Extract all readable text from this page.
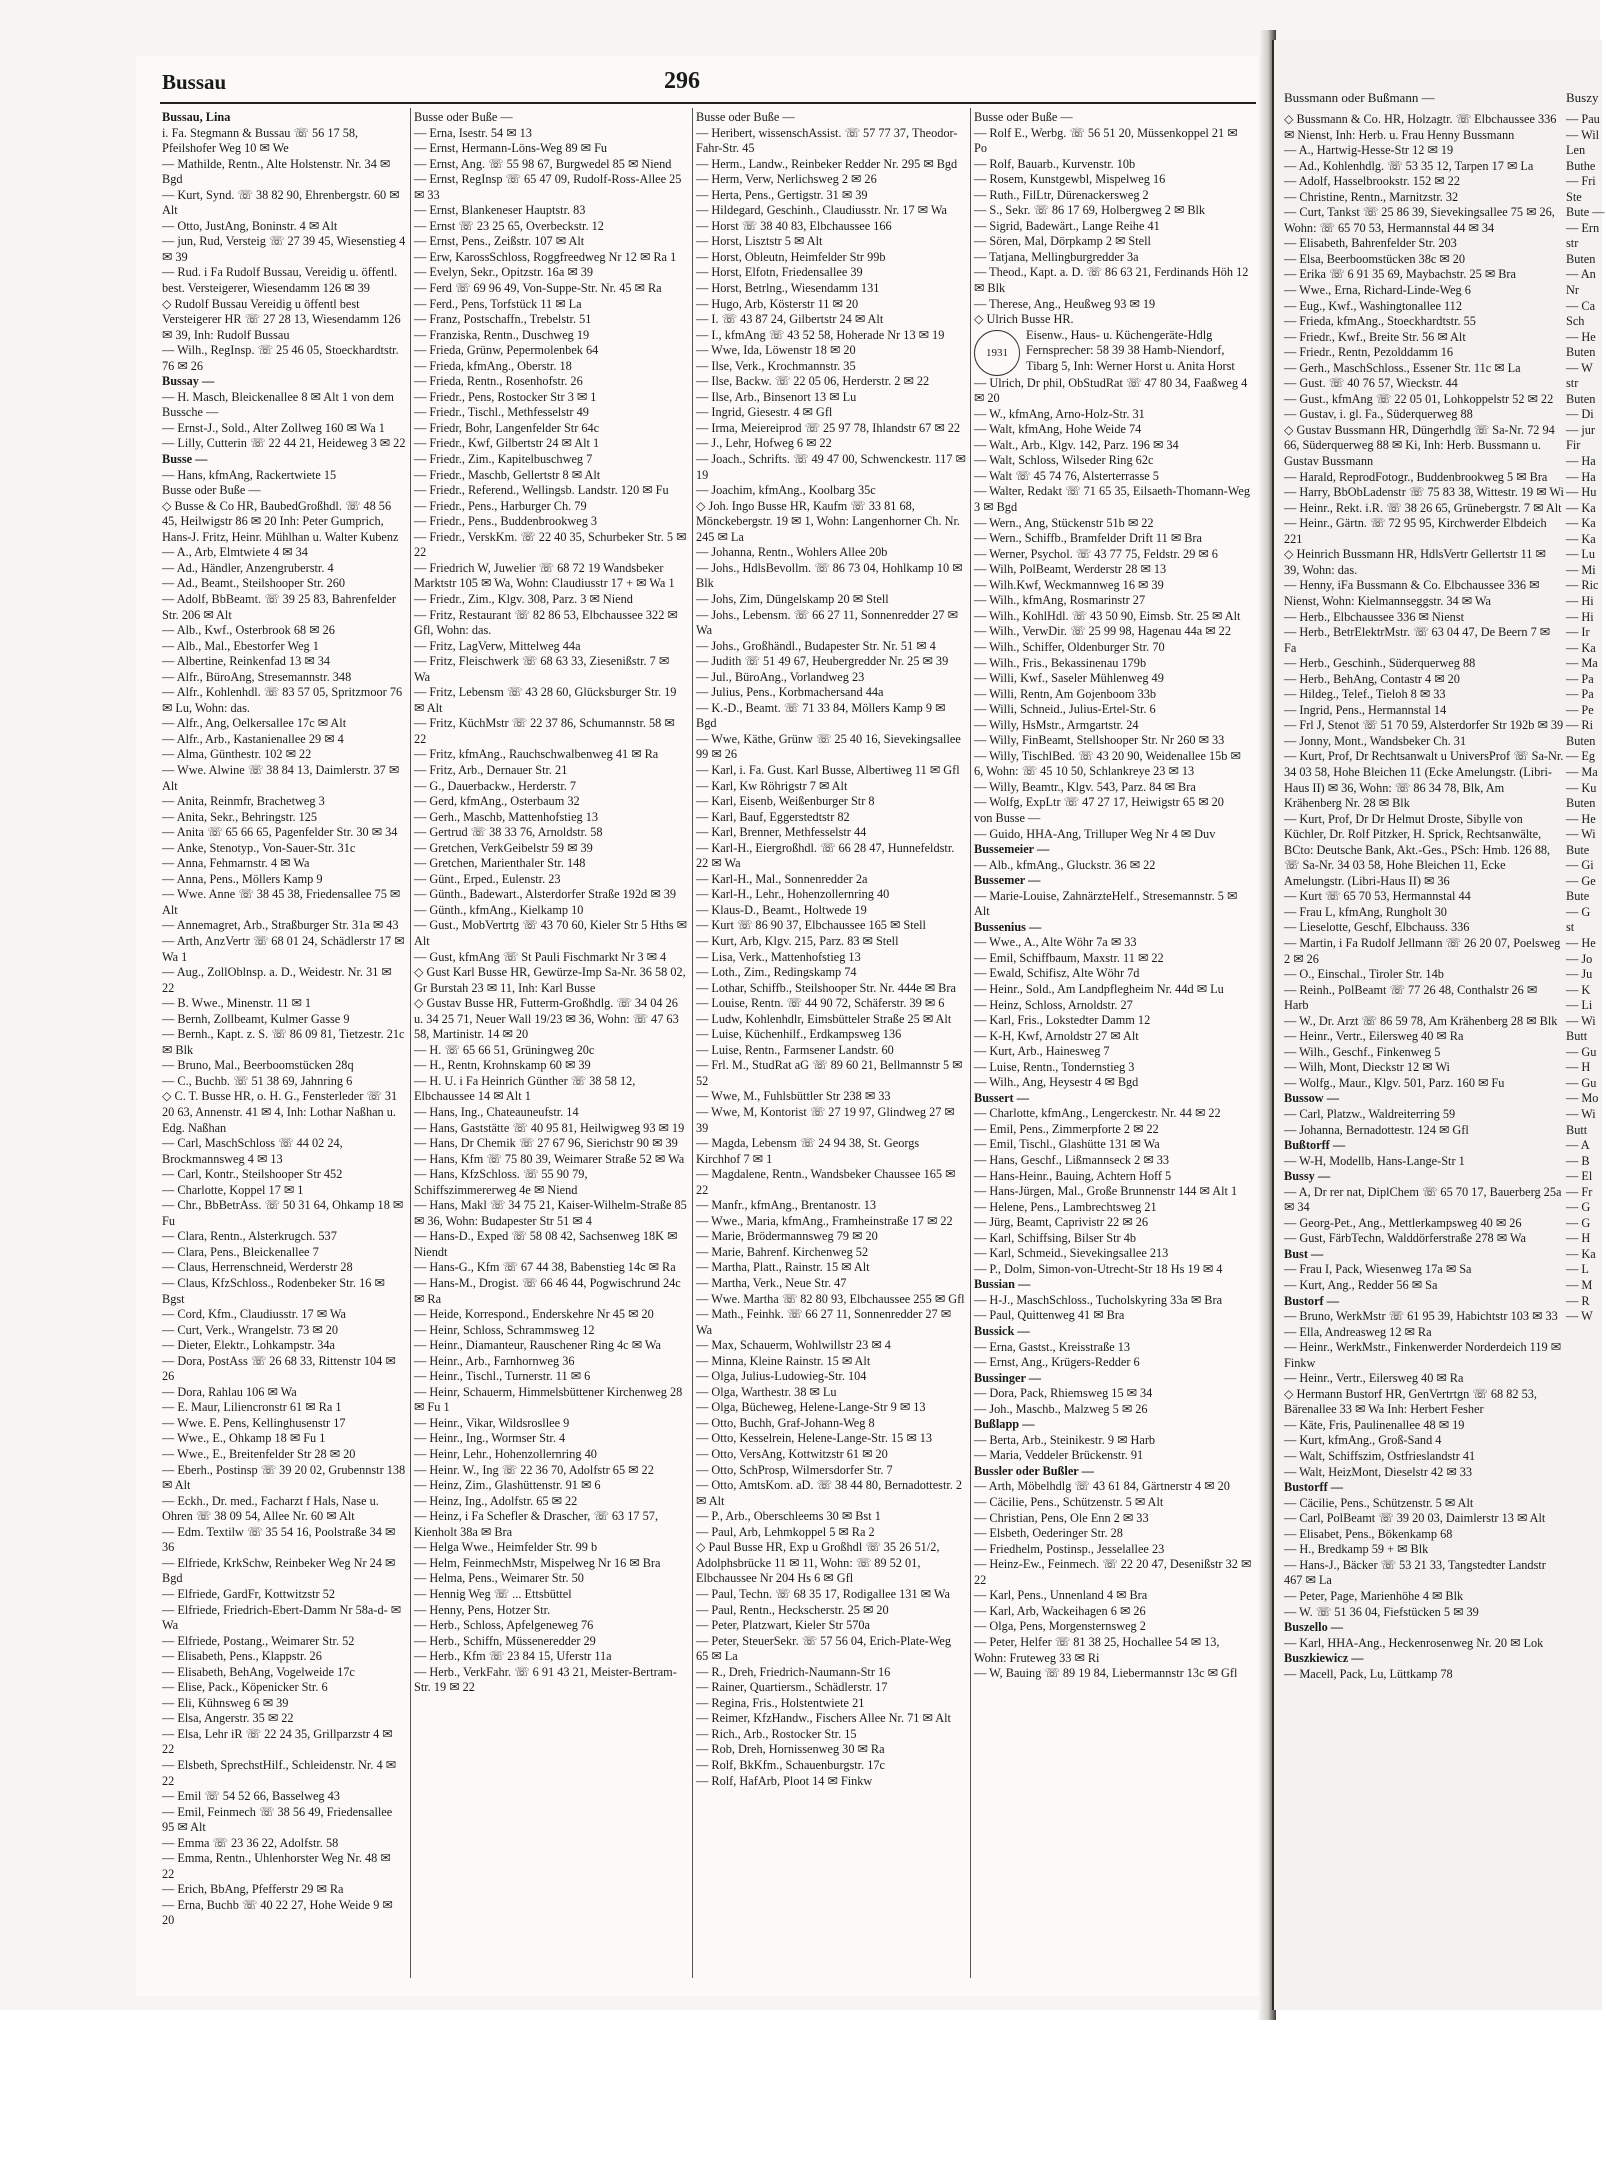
Bussau	296
Bussau, Lina
i. Fa. Stegmann & Bussau ☏ 56 17 58, Pfeilshofer Weg 10 ✉ We
— Mathilde, Rentn., Alte Holstenstr. Nr. 34 ✉ Bgd
— Kurt, Synd. ☏ 38 82 90, Ehrenbergstr. 60 ✉ Alt
— Otto, JustAng, Boninstr. 4 ✉ Alt
— jun, Rud, Versteig ☏ 27 39 45, Wiesenstieg 4 ✉ 39
— Rud. i Fa Rudolf Bussau, Vereidig u. öffentl. best. Versteigerer, Wiesendamm 126 ✉ 39
◇ Rudolf Bussau Vereidig u öffentl best Versteigerer HR ☏ 27 28 13, Wiesendamm 126 ✉ 39, Inh: Rudolf Bussau
— Wilh., RegInsp. ☏ 25 46 05, Stoeckhardtstr. 76 ✉ 26
Bussay —
— H. Masch, Bleickenallee 8 ✉ Alt 1 von dem Bussche —
— Ernst-J., Sold., Alter Zollweg 160 ✉ Wa 1
— Lilly, Cutterin ☏ 22 44 21, Heideweg 3 ✉ 22
Busse —
— Hans, kfmAng, Rackertwiete 15
Busse oder Buße —
◇ Busse & Co HR, BaubedGroßhdl. ☏ 48 56 45, Heilwigstr 86 ✉ 20 Inh: Peter Gumprich, Hans-J. Fritz, Heinr. Mühlhan u. Walter Kubenz
— A., Arb, Elmtwiete 4 ✉ 34
— Ad., Händler, Anzengruberstr. 4
— Ad., Beamt., Steilshooper Str. 260
— Adolf, BbBeamt. ☏ 39 25 83, Bahrenfelder Str. 206 ✉ Alt
— Alb., Kwf., Osterbrook 68 ✉ 26
— Alb., Mal., Ebestorfer Weg 1
— Albertine, Reinkenfad 13 ✉ 34
— Alfr., BüroAng, Stresemannstr. 348
— Alfr., Kohlenhdl. ☏ 83 57 05, Spritzmoor 76 ✉ Lu, Wohn: das.
— Alfr., Ang, Oelkersallee 17c ✉ Alt
— Alfr., Arb., Kastanienallee 29 ✉ 4
— Alma, Günthestr. 102 ✉ 22
— Wwe. Alwine ☏ 38 84 13, Daimlerstr. 37 ✉ Alt
— Anita, Reinmfr, Brachetweg 3
— Anita, Sekr., Behringstr. 125
— Anita ☏ 65 66 65, Pagenfelder Str. 30 ✉ 34
— Anke, Stenotyp., Von-Sauer-Str. 31c
— Anna, Fehmarnstr. 4 ✉ Wa
— Anna, Pens., Möllers Kamp 9
— Wwe. Anne ☏ 38 45 38, Friedensallee 75 ✉ Alt
— Annemagret, Arb., Straßburger Str. 31a ✉ 43
— Arth, AnzVertr ☏ 68 01 24, Schädlerstr 17 ✉ Wa 1
— Aug., ZollOblnsp. a. D., Weidestr. Nr. 31 ✉ 22
— B. Wwe., Minenstr. 11 ✉ 1
— Bernh, Zollbeamt, Kulmer Gasse 9
— Bernh., Kapt. z. S. ☏ 86 09 81, Tietzestr. 21c ✉ Blk
— Bruno, Mal., Beerboomstücken 28q
— C., Buchb. ☏ 51 38 69, Jahnring 6
◇ C. T. Busse HR, o. H. G., Fensterleder ☏ 31 20 63, Annenstr. 41 ✉ 4, Inh: Lothar Naßhan u. Edg. Naßhan
— Carl, MaschSchloss ☏ 44 02 24, Brockmannsweg 4 ✉ 13
— Carl, Kontr., Steilshooper Str 452
— Charlotte, Koppel 17 ✉ 1
— Chr., BbBetrAss. ☏ 50 31 64, Ohkamp 18 ✉ Fu
— Clara, Rentn., Alsterkrugch. 537
— Clara, Pens., Bleickenallee 7
— Claus, Herrenschneid, Werderstr 28
— Claus, KfzSchloss., Rodenbeker Str. 16 ✉ Bgst
— Cord, Kfm., Claudiusstr. 17 ✉ Wa
— Curt, Verk., Wrangelstr. 73 ✉ 20
— Dieter, Elektr., Lohkampstr. 34a
— Dora, PostAss ☏ 26 68 33, Rittenstr 104 ✉ 26
— Dora, Rahlau 106 ✉ Wa
— E. Maur, Liliencronstr 61 ✉ Ra 1
— Wwe. E. Pens, Kellinghusenstr 17
— Wwe., E., Ohkamp 18 ✉ Fu 1
— Wwe., E., Breitenfelder Str 28 ✉ 20
— Eberh., Postinsp ☏ 39 20 02, Grubennstr 138 ✉ Alt
— Eckh., Dr. med., Facharzt f Hals, Nase u. Ohren ☏ 38 09 54, Allee Nr. 60 ✉ Alt
— Edm. Textilw ☏ 35 54 16, Poolstraße 34 ✉ 36
— Elfriede, KrkSchw, Reinbeker Weg Nr 24 ✉ Bgd
— Elfriede, GardFr, Kottwitzstr 52
— Elfriede, Friedrich-Ebert-Damm Nr 58a-d- ✉ Wa
— Elfriede, Postang., Weimarer Str. 52
— Elisabeth, Pens., Klappstr. 26
— Elisabeth, BehAng, Vogelweide 17c
— Elise, Pack., Köpenicker Str. 6
— Eli, Kühnsweg 6 ✉ 39
— Elsa, Angerstr. 35 ✉ 22
— Elsa, Lehr iR ☏ 22 24 35, Grillparzstr 4 ✉ 22
— Elsbeth, SprechstHilf., Schleidenstr. Nr. 4 ✉ 22
— Emil ☏ 54 52 66, Basselweg 43
— Emil, Feinmech ☏ 38 56 49, Friedensallee 95 ✉ Alt
— Emma ☏ 23 36 22, Adolfstr. 58
— Emma, Rentn., Uhlenhorster Weg Nr. 48 ✉ 22
— Erich, BbAng, Pfefferstr 29 ✉ Ra
— Erna, Buchb ☏ 40 22 27, Hohe Weide 9 ✉ 20
Busse oder Buße —
— Erna, Isestr. 54 ✉ 13
— Ernst, Hermann-Löns-Weg 89 ✉ Fu
— Ernst, Ang. ☏ 55 98 67, Burgwedel 85 ✉ Niend
— Ernst, RegInsp ☏ 65 47 09, Rudolf-Ross-Allee 25 ✉ 33
— Ernst, Blankeneser Hauptstr. 83
— Ernst ☏ 23 25 65, Overbeckstr. 12
— Ernst, Pens., Zeißstr. 107 ✉ Alt
— Erw, KarossSchloss, Roggfreedweg Nr 12 ✉ Ra 1
— Evelyn, Sekr., Opitzstr. 16a ✉ 39
— Ferd ☏ 69 96 49, Von-Suppe-Str. Nr. 45 ✉ Ra
— Ferd., Pens, Torfstück 11 ✉ La
— Franz, Postschaffn., Trebelstr. 51
— Franziska, Rentn., Duschweg 19
— Frieda, Grünw, Pepermolenbek 64
— Frieda, kfmAng., Oberstr. 18
— Frieda, Rentn., Rosenhofstr. 26
— Friedr., Pens, Rostocker Str 3 ✉ 1
— Friedr., Tischl., Methfesselstr 49
— Friedr, Bohr, Langenfelder Str 64c
— Friedr., Kwf, Gilbertstr 24 ✉ Alt 1
— Friedr., Zim., Kapitelbuschweg 7
— Friedr., Maschb, Gellertstr 8 ✉ Alt
— Friedr., Referend., Wellingsb. Landstr. 120 ✉ Fu
— Friedr., Pens., Harburger Ch. 79
— Friedr., Pens., Buddenbrookweg 3
— Friedr., VerskKm. ☏ 22 40 35, Schurbeker Str. 5 ✉ 22
— Friedrich W, Juwelier ☏ 68 72 19 Wandsbeker Marktstr 105 ✉ Wa, Wohn: Claudiusstr 17 + ✉ Wa 1
— Friedr., Zim., Klgv. 308, Parz. 3 ✉ Niend
— Fritz, Restaurant ☏ 82 86 53, Elbchaussee 322 ✉ Gfl, Wohn: das.
— Fritz, LagVerw, Mittelweg 44a
— Fritz, Fleischwerk ☏ 68 63 33, Ziesenißstr. 7 ✉ Wa
— Fritz, Lebensm ☏ 43 28 60, Glücksburger Str. 19 ✉ Alt
— Fritz, KüchMstr ☏ 22 37 86, Schumannstr. 58 ✉ 22
— Fritz, kfmAng., Rauchschwalbenweg 41 ✉ Ra
— Fritz, Arb., Dernauer Str. 21
— G., Dauerbackw., Herderstr. 7
— Gerd, kfmAng., Osterbaum 32
— Gerh., Maschb, Mattenhofstieg 13
— Gertrud ☏ 38 33 76, Arnoldstr. 58
— Gretchen, VerkGeibelstr 59 ✉ 39
— Gretchen, Marienthaler Str. 148
— Günt., Erped., Eulenstr. 23
— Günth., Badewart., Alsterdorfer Straße 192d ✉ 39
— Günth., kfmAng., Kielkamp 10
— Gust., MobVertrtg ☏ 43 70 60, Kieler Str 5 Hths ✉ Alt
— Gust, kfmAng ☏ St Pauli Fischmarkt Nr 3 ✉ 4
◇ Gust Karl Busse HR, Gewürze-Imp Sa-Nr. 36 58 02, Gr Burstah 23 ✉ 11, Inh: Karl Busse
◇ Gustav Busse HR, Futterm-Großhdlg. ☏ 34 04 26 u. 34 25 71, Neuer Wall 19/23 ✉ 36, Wohn: ☏ 47 63 58, Martinistr. 14 ✉ 20
— H. ☏ 65 66 51, Grüningweg 20c
— H., Rentn, Krohnskamp 60 ✉ 39
— H. U. i Fa Heinrich Günther ☏ 38 58 12, Elbchaussee 14 ✉ Alt 1
— Hans, Ing., Chateauneufstr. 14
— Hans, Gaststätte ☏ 40 95 81, Heilwigweg 93 ✉ 19
— Hans, Dr Chemik ☏ 27 67 96, Sierichstr 90 ✉ 39
— Hans, Kfm ☏ 75 80 39, Weimarer Straße 52 ✉ Wa
— Hans, KfzSchloss. ☏ 55 90 79, Schiffszimmererweg 4e ✉ Niend
— Hans, Makl ☏ 34 75 21, Kaiser-Wilhelm-Straße 85 ✉ 36, Wohn: Budapester Str 51 ✉ 4
— Hans-D., Exped ☏ 58 08 42, Sachsenweg 18K ✉ Niendt
— Hans-G., Kfm ☏ 67 44 38, Babenstieg 14c ✉ Ra
— Hans-M., Drogist. ☏ 66 46 44, Pogwischrund 24c ✉ Ra
— Heide, Korrespond., Enderskehre Nr 45 ✉ 20
— Heinr, Schloss, Schrammsweg 12
— Heinr., Diamanteur, Rauschener Ring 4c ✉ Wa
— Heinr., Arb., Farnhornweg 36
— Heinr., Tischl., Turnerstr. 11 ✉ 6
— Heinr, Schauerm, Himmelsbüttener Kirchenweg 28 ✉ Fu 1
— Heinr., Vikar, Wildsrosllee 9
— Heinr., Ing., Wormser Str. 4
— Heinr, Lehr., Hohenzollernring 40
— Heinr. W., Ing ☏ 22 36 70, Adolfstr 65 ✉ 22
— Heinz, Zim., Glashüttenstr. 91 ✉ 6
— Heinz, Ing., Adolfstr. 65 ✉ 22
— Heinz, i Fa Schefler & Drascher, ☏ 63 17 57, Kienholt 38a ✉ Bra
— Helga Wwe., Heimfelder Str. 99 b
— Helm, FeinmechMstr, Mispelweg Nr 16 ✉ Bra
— Helma, Pens., Weimarer Str. 50
— Hennig Weg ☏ ... Ettsbüttel
— Henny, Pens, Hotzer Str.
— Herb., Schloss, Apfelgeneweg 76
— Herb., Schiffn, Müsseneredder 29
— Herb., Kfm ☏ 23 84 15, Uferstr 11a
— Herb., VerkFahr. ☏ 6 91 43 21, Meister-Bertram-Str. 19 ✉ 22
Busse oder Buße —
— Heribert, wissenschAssist. ☏ 57 77 37, Theodor-Fahr-Str. 45
— Herm., Landw., Reinbeker Redder Nr. 295 ✉ Bgd
— Herm, Verw, Nerlichsweg 2 ✉ 26
— Herta, Pens., Gertigstr. 31 ✉ 39
— Hildegard, Geschinh., Claudiusstr. Nr. 17 ✉ Wa
— Horst ☏ 38 40 83, Elbchaussee 166
— Horst, Lisztstr 5 ✉ Alt
— Horst, Obleutn, Heimfelder Str 99b
— Horst, Elfotn, Friedensallee 39
— Horst, Betrlng., Wiesendamm 131
— Hugo, Arb, Kösterstr 11 ✉ 20
— I. ☏ 43 87 24, Gilbertstr 24 ✉ Alt
— I., kfmAng ☏ 43 52 58, Hoherade Nr 13 ✉ 19
— Wwe, Ida, Löwenstr 18 ✉ 20
— Ilse, Verk., Krochmannstr. 35
— Ilse, Backw. ☏ 22 05 06, Herderstr. 2 ✉ 22
— Ilse, Arb., Binsenort 13 ✉ Lu
— Ingrid, Giesestr. 4 ✉ Gfl
— Irma, Meiereiprod ☏ 25 97 78, Ihlandstr 67 ✉ 22
— J., Lehr, Hofweg 6 ✉ 22
— Joach., Schrifts. ☏ 49 47 00, Schwenckestr. 117 ✉ 19
— Joachim, kfmAng., Koolbarg 35c
◇ Joh. Ingo Busse HR, Kaufm ☏ 33 81 68, Mönckebergstr. 19 ✉ 1, Wohn: Langenhorner Ch. Nr. 245 ✉ La
— Johanna, Rentn., Wohlers Allee 20b
— Johs., HdlsBevollm. ☏ 86 73 04, Hohlkamp 10 ✉ Blk
— Johs, Zim, Düngelskamp 20 ✉ Stell
— Johs., Lebensm. ☏ 66 27 11, Sonnenredder 27 ✉ Wa
— Johs., Großhändl., Budapester Str. Nr. 51 ✉ 4
— Judith ☏ 51 49 67, Heubergredder Nr. 25 ✉ 39
— Jul., BüroAng., Vorlandweg 23
— Julius, Pens., Korbmachersand 44a
— K.-D., Beamt. ☏ 71 33 84, Möllers Kamp 9 ✉ Bgd
— Wwe, Käthe, Grünw ☏ 25 40 16, Sievekingsallee 99 ✉ 26
— Karl, i. Fa. Gust. Karl Busse, Albertiweg 11 ✉ Gfl
— Karl, Kw Röhrigstr 7 ✉ Alt
— Karl, Eisenb, Weißenburger Str 8
— Karl, Bauf, Eggerstedtstr 82
— Karl, Brenner, Methfesselstr 44
— Karl-H., Eiergroßhdl. ☏ 66 28 47, Hunnefeldstr. 22 ✉ Wa
— Karl-H., Mal., Sonnenredder 2a
— Karl-H., Lehr., Hohenzollernring 40
— Klaus-D., Beamt., Holtwede 19
— Kurt ☏ 86 90 37, Elbchaussee 165 ✉ Stell
— Kurt, Arb, Klgv. 215, Parz. 83 ✉ Stell
— Lisa, Verk., Mattenhofstieg 13
— Loth., Zim., Redingskamp 74
— Lothar, Schiffb., Steilshooper Str. Nr. 444e ✉ Bra
— Louise, Rentn. ☏ 44 90 72, Schäferstr. 39 ✉ 6
— Ludw, Kohlenhdlr, Eimsbütteler Straße 25 ✉ Alt
— Luise, Küchenhilf., Erdkampsweg 136
— Luise, Rentn., Farmsener Landstr. 60
— Frl. M., StudRat aG ☏ 89 60 21, Bellmannstr 5 ✉ 52
— Wwe, M., Fuhlsbüttler Str 238 ✉ 33
— Wwe, M, Kontorist ☏ 27 19 97, Glindweg 27 ✉ 39
— Magda, Lebensm ☏ 24 94 38, St. Georgs Kirchhof 7 ✉ 1
— Magdalene, Rentn., Wandsbeker Chaussee 165 ✉ 22
— Manfr., kfmAng., Brentanostr. 13
— Wwe., Maria, kfmAng., Framheinstraße 17 ✉ 22
— Marie, Brödermannsweg 79 ✉ 20
— Marie, Bahrenf. Kirchenweg 52
— Martha, Platt., Rainstr. 15 ✉ Alt
— Martha, Verk., Neue Str. 47
— Wwe. Martha ☏ 82 80 93, Elbchaussee 255 ✉ Gfl
— Math., Feinhk. ☏ 66 27 11, Sonnenredder 27 ✉ Wa
— Max, Schauerm, Wohlwillstr 23 ✉ 4
— Minna, Kleine Rainstr. 15 ✉ Alt
— Olga, Julius-Ludowieg-Str. 104
— Olga, Warthestr. 38 ✉ Lu
— Olga, Bücheweg, Helene-Lange-Str 9 ✉ 13
— Otto, Buchh, Graf-Johann-Weg 8
— Otto, Kesselrein, Helene-Lange-Str. 15 ✉ 13
— Otto, VersAng, Kottwitzstr 61 ✉ 20
— Otto, SchProsp, Wilmersdorfer Str. 7
— Otto, AmtsKom. aD. ☏ 38 44 80, Bernadottestr. 2 ✉ Alt
— P., Arb., Oberschleems 30 ✉ Bst 1
— Paul, Arb, Lehmkoppel 5 ✉ Ra 2
◇ Paul Busse HR, Exp u Großhdl ☏ 35 26 51/2, Adolphsbrücke 11 ✉ 11, Wohn: ☏ 89 52 01, Elbchaussee Nr 204 Hs 6 ✉ Gfl
— Paul, Techn. ☏ 68 35 17, Rodigallee 131 ✉ Wa
— Paul, Rentn., Heckscherstr. 25 ✉ 20
— Peter, Platzwart, Kieler Str 570a
— Peter, SteuerSekr. ☏ 57 56 04, Erich-Plate-Weg 65 ✉ La
— R., Dreh, Friedrich-Naumann-Str 16
— Rainer, Quartiersm., Schädlerstr. 17
— Regina, Fris., Holstentwiete 21
— Reimer, KfzHandw., Fischers Allee Nr. 71 ✉ Alt
— Rich., Arb., Rostocker Str. 15
— Rob, Dreh, Hornissenweg 30 ✉ Ra
— Rolf, BkKfm., Schauenburgstr. 17c
— Rolf, HafArb, Ploot 14 ✉ Finkw
Busse oder Buße —
— Rolf E., Werbg. ☏ 56 51 20, Müssenkoppel 21 ✉ Po
— Rolf, Bauarb., Kurvenstr. 10b
— Rosem, Kunstgewbl, Mispelweg 16
— Ruth., FilLtr, Dürenackersweg 2
— S., Sekr. ☏ 86 17 69, Holbergweg 2 ✉ Blk
— Sigrid, Badewärt., Lange Reihe 41
— Sören, Mal, Dörpkamp 2 ✉ Stell
— Tatjana, Mellingburgredder 3a
— Theod., Kapt. a. D. ☏ 86 63 21, Ferdinands Höh 12 ✉ Blk
— Therese, Ang., Heußweg 93 ✉ 19
◇ Ulrich Busse HR.
1931
Eisenw., Haus- u. Küchengeräte-Hdlg Fernsprecher: 58 39 38 Hamb-Niendorf, Tibarg 5, Inh: Werner Horst u. Anita Horst
— Ulrich, Dr phil, ObStudRat ☏ 47 80 34, Faaßweg 4 ✉ 20
— W., kfmAng, Arno-Holz-Str. 31
— Walt, kfmAng, Hohe Weide 74
— Walt., Arb., Klgv. 142, Parz. 196 ✉ 34
— Walt, Schloss, Wilseder Ring 62c
— Walt ☏ 45 74 76, Alsterterrasse 5
— Walter, Redakt ☏ 71 65 35, Eilsaeth-Thomann-Weg 3 ✉ Bgd
— Wern., Ang, Stückenstr 51b ✉ 22
— Wern., Schiffb., Bramfelder Drift 11 ✉ Bra
— Werner, Psychol. ☏ 43 77 75, Feldstr. 29 ✉ 6
— Wilh, PolBeamt, Werderstr 28 ✉ 13
— Wilh.Kwf, Weckmannweg 16 ✉ 39
— Wilh., kfmAng, Rosmarinstr 27
— Wilh., KohlHdl. ☏ 43 50 90, Eimsb. Str. 25 ✉ Alt
— Wilh., VerwDir. ☏ 25 99 98, Hagenau 44a ✉ 22
— Wilh., Schiffer, Oldenburger Str. 70
— Wilh., Fris., Bekassinenau 179b
— Willi, Kwf., Saseler Mühlenweg 49
— Willi, Rentn, Am Gojenboom 33b
— Willi, Schneid., Julius-Ertel-Str. 6
— Willy, HsMstr., Armgartstr. 24
— Willy, FinBeamt, Stellshooper Str. Nr 260 ✉ 33
— Willy, TischlBed. ☏ 43 20 90, Weidenallee 15b ✉ 6, Wohn: ☏ 45 10 50, Schlankreye 23 ✉ 13
— Willy, Beamtr., Klgv. 543, Parz. 84 ✉ Bra
— Wolfg, ExpLtr ☏ 47 27 17, Heiwigstr 65 ✉ 20
von Busse —
— Guido, HHA-Ang, Trilluper Weg Nr 4 ✉ Duv
Bussemeier —
— Alb., kfmAng., Gluckstr. 36 ✉ 22
Bussemer —
— Marie-Louise, ZahnärzteHelf., Stresemannstr. 5 ✉ Alt
Bussenius —
— Wwe., A., Alte Wöhr 7a ✉ 33
— Emil, Schiffbaum, Maxstr. 11 ✉ 22
— Ewald, Schifisz, Alte Wöhr 7d
— Heinr., Sold., Am Landpflegheim Nr. 44d ✉ Lu
— Heinz, Schloss, Arnoldstr. 27
— Karl, Fris., Lokstedter Damm 12
— K-H, Kwf, Arnoldstr 27 ✉ Alt
— Kurt, Arb., Hainesweg 7
— Luise, Rentn., Tondernstieg 3
— Wilh., Ang, Heysestr 4 ✉ Bgd
Bussert —
— Charlotte, kfmAng., Lengerckestr. Nr. 44 ✉ 22
— Emil, Pens., Zimmerpforte 2 ✉ 22
— Emil, Tischl., Glashütte 131 ✉ Wa
— Hans, Geschf., Lißmannseck 2 ✉ 33
— Hans-Heinr., Bauing, Achtern Hoff 5
— Hans-Jürgen, Mal., Große Brunnenstr 144 ✉ Alt 1
— Helene, Pens., Lambrechtsweg 21
— Jürg, Beamt, Caprivistr 22 ✉ 26
— Karl, Schiffsing, Bilser Str 4b
— Karl, Schmeid., Sievekingsallee 213
— P., Dolm, Simon-von-Utrecht-Str 18 Hs 19 ✉ 4
Bussian —
— H-J., MaschSchloss., Tucholskyring 33a ✉ Bra
— Paul, Quittenweg 41 ✉ Bra
Bussick —
— Erna, Gastst., Kreisstraße 13
— Ernst, Ang., Krügers-Redder 6
Bussinger —
— Dora, Pack, Rhiemsweg 15 ✉ 34
— Joh., Maschb., Malzweg 5 ✉ 26
Bußlapp —
— Berta, Arb., Steinikestr. 9 ✉ Harb
— Maria, Veddeler Brückenstr. 91
Bussler oder Bußler —
— Arth, Möbelhdlg ☏ 43 61 84, Gärtnerstr 4 ✉ 20
— Cäcilie, Pens., Schützenstr. 5 ✉ Alt
— Christian, Pens, Ole Enn 2 ✉ 33
— Elsbeth, Oederinger Str. 28
— Friedhelm, Postinsp., Jesselallee 23
— Heinz-Ew., Feinmech. ☏ 22 20 47, Desenißstr 32 ✉ 22
— Karl, Pens., Unnenland 4 ✉ Bra
— Karl, Arb, Wackeihagen 6 ✉ 26
— Olga, Pens, Morgensternsweg 2
— Peter, Helfer ☏ 81 38 25, Hochallee 54 ✉ 13, Wohn: Fruteweg 33 ✉ Ri
— W, Bauing ☏ 89 19 84, Liebermannstr 13c ✉ Gfl
Bussmann oder Bußmann —	Buszy
◇ Bussmann & Co. HR, Holzagtr. ☏ Elbchaussee 336 ✉ Nienst, Inh: Herb. u. Frau Henny Bussmann
— A., Hartwig-Hesse-Str 12 ✉ 19
— Ad., Kohlenhdlg. ☏ 53 35 12, Tarpen 17 ✉ La
— Adolf, Hasselbrookstr. 152 ✉ 22
— Christine, Rentn., Marnitzstr. 32
— Curt, Tankst ☏ 25 86 39, Sievekingsallee 75 ✉ 26, Wohn: ☏ 65 70 53, Hermannstal 44 ✉ 34
— Elisabeth, Bahrenfelder Str. 203
— Elsa, Beerboomstücken 38c ✉ 20
— Erika ☏ 6 91 35 69, Maybachstr. 25 ✉ Bra
— Wwe., Erna, Richard-Linde-Weg 6
— Eug., Kwf., Washingtonallee 112
— Frieda, kfmAng., Stoeckhardtstr. 55
— Friedr., Kwf., Breite Str. 56 ✉ Alt
— Friedr., Rentn, Pezolddamm 16
— Gerh., MaschSchloss., Essener Str. 11c ✉ La
— Gust. ☏ 40 76 57, Wieckstr. 44
— Gust., kfmAng ☏ 22 05 01, Lohkoppelstr 52 ✉ 22
— Gustav, i. gl. Fa., Süderquerweg 88
◇ Gustav Bussmann HR, Düngerhdlg ☏ Sa-Nr. 72 94 66, Süderquerweg 88 ✉ Ki, Inh: Herb. Bussmann u. Gustav Bussmann
— Harald, ReprodFotogr., Buddenbrookweg 5 ✉ Bra
— Harry, BbObLadenstr ☏ 75 83 38, Wittestr. 19 ✉ Wi
— Heinr., Rekt. i.R. ☏ 38 26 65, Grünebergstr. 7 ✉ Alt
— Heinr., Gärtn. ☏ 72 95 95, Kirchwerder Elbdeich 221
◇ Heinrich Bussmann HR, HdlsVertr Gellertstr 11 ✉ 39, Wohn: das.
— Henny, iFa Bussmann & Co. Elbchaussee 336 ✉ Nienst, Wohn: Kielmannseggstr. 34 ✉ Wa
— Herb., Elbchaussee 336 ✉ Nienst
— Herb., BetrElektrMstr. ☏ 63 04 47, De Beern 7 ✉ Fa
— Herb., Geschinh., Süderquerweg 88
— Herb., BehAng, Contastr 4 ✉ 20
— Hildeg., Telef., Tieloh 8 ✉ 33
— Ingrid, Pens., Hermannstal 14
— Frl J, Stenot ☏ 51 70 59, Alsterdorfer Str 192b ✉ 39
— Jonny, Mont., Wandsbeker Ch. 31
— Kurt, Prof, Dr Rechtsanwalt u UniversProf ☏ Sa-Nr. 34 03 58, Hohe Bleichen 11 (Ecke Amelungstr. (Libri-Haus II) ✉ 36, Wohn: ☏ 86 34 78, Blk, Am Krähenberg Nr. 28 ✉ Blk
— Kurt, Prof, Dr Dr Helmut Droste, Sibylle von Küchler, Dr. Rolf Pitzker, H. Sprick, Rechtsanwälte, BCto: Deutsche Bank, Akt.-Ges., PSch: Hmb. 126 88, ☏ Sa-Nr. 34 03 58, Hohe Bleichen 11, Ecke Amelungstr. (Libri-Haus II) ✉ 36
— Kurt ☏ 65 70 53, Hermannstal 44
— Frau L, kfmAng, Rungholt 30
— Lieselotte, Geschf, Elbchauss. 336
— Martin, i Fa Rudolf Jellmann ☏ 26 20 07, Poelsweg 2 ✉ 26
— O., Einschal., Tiroler Str. 14b
— Reinh., PolBeamt ☏ 77 26 48, Conthalstr 26 ✉ Harb
— W., Dr. Arzt ☏ 86 59 78, Am Krähenberg 28 ✉ Blk
— Heinr., Vertr., Eilersweg 40 ✉ Ra
— Wilh., Geschf., Finkenweg 5
— Wilh, Mont, Dieckstr 12 ✉ Wi
— Wolfg., Maur., Klgv. 501, Parz. 160 ✉ Fu
Bussow —
— Carl, Platzw., Waldreiterring 59
— Johanna, Bernadottestr. 124 ✉ Gfl
Bußtorff —
— W-H, Modellb, Hans-Lange-Str 1
Bussy —
— A, Dr rer nat, DiplChem ☏ 65 70 17, Bauerberg 25a ✉ 34
— Georg-Pet., Ang., Mettlerkampsweg 40 ✉ 26
— Gust, FärbTechn, Walddörferstraße 278 ✉ Wa
Bust —
— Frau I, Pack, Wiesenweg 17a ✉ Sa
— Kurt, Ang., Redder 56 ✉ Sa
Bustorf —
— Bruno, WerkMstr ☏ 61 95 39, Habichtstr 103 ✉ 33
— Ella, Andreasweg 12 ✉ Ra
— Heinr., WerkMstr., Finkenwerder Norderdeich 119 ✉ Finkw
— Heinr., Vertr., Eilersweg 40 ✉ Ra
◇ Hermann Bustorf HR, GenVertrtgn ☏ 68 82 53, Bärenallee 33 ✉ Wa Inh: Herbert Fesher
— Käte, Fris, Paulinenallee 48 ✉ 19
— Kurt, kfmAng., Groß-Sand 4
— Walt, Schiffszim, Ostfrieslandstr 41
— Walt, HeizMont, Dieselstr 42 ✉ 33
Bustorff —
— Cäcilie, Pens., Schützenstr. 5 ✉ Alt
— Carl, PolBeamt ☏ 39 20 03, Daimlerstr 13 ✉ Alt
— Elisabet, Pens., Bökenkamp 68
— H., Bredkamp 59 + ✉ Blk
— Hans-J., Bäcker ☏ 53 21 33, Tangstedter Landstr 467 ✉ La
— Peter, Page, Marienhöhe 4 ✉ Blk
— W. ☏ 51 36 04, Fiefstücken 5 ✉ 39
Buszello —
— Karl, HHA-Ang., Heckenrosenweg Nr. 20 ✉ Lok
Buszkiewicz —
— Macell, Pack, Lu, Lüttkamp 78
— Pau
— Wil
Len
Buthe
— Fri
Ste
Bute —
— Ern
str
Buten
— An
Nr
— Ca
Sch
— He
Buten
— W
str
Buten
— Di
— jur
Fir
— Ha
— Ha
— Hu
— Ka
— Ka
— Ka
— Lu
— Mi
— Ric
— Hi
— Hi
— Ir
— Ka
— Ma
— Pa
— Pa
— Pe
— Ri
Buten
— Eg
— Ma
— Ku
Buten
— He
— Wi
Bute
— Gi
— Ge
Bute
— G
st
— He
— Jo
— Ju
— K
— Li
— Wi
Butt
— Gu
— H
— Gu
— Mo
— Wi
Butt
— A
— B
— El
— Fr
— G
— G
— H
— Ka
— L
— M
— R
— W
